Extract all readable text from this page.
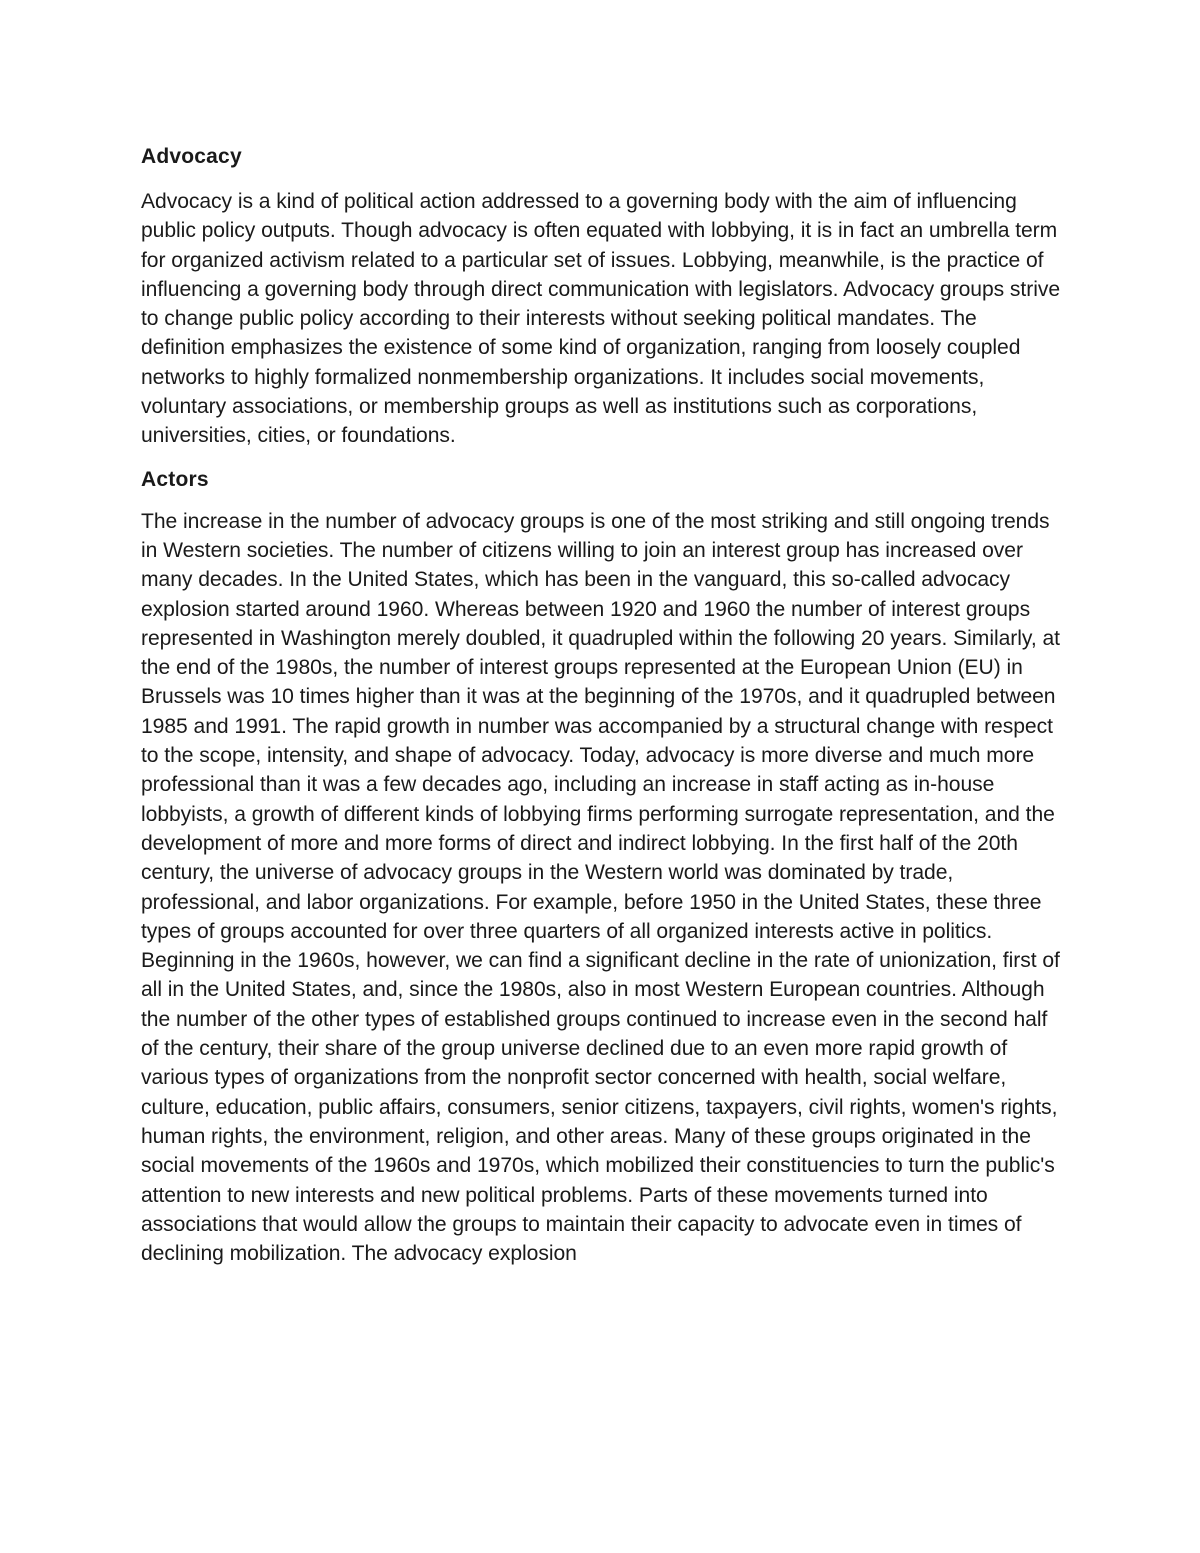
Advocacy

Advocacy is a kind of political action addressed to a governing body with the aim of influencing public policy outputs. Though advocacy is often equated with lobbying, it is in fact an umbrella term for organized activism related to a particular set of issues. Lobbying, meanwhile, is the practice of influencing a governing body through direct communication with legislators. Advocacy groups strive to change public policy according to their interests without seeking political mandates. The definition emphasizes the existence of some kind of organization, ranging from loosely coupled networks to highly formalized nonmembership organizations. It includes social movements, voluntary associations, or membership groups as well as institutions such as corporations, universities, cities, or foundations.

Actors

The increase in the number of advocacy groups is one of the most striking and still ongoing trends in Western societies. The number of citizens willing to join an interest group has increased over many decades. In the United States, which has been in the vanguard, this so-called advocacy explosion started around 1960. Whereas between 1920 and 1960 the number of interest groups represented in Washington merely doubled, it quadrupled within the following 20 years. Similarly, at the end of the 1980s, the number of interest groups represented at the European Union (EU) in Brussels was 10 times higher than it was at the beginning of the 1970s, and it quadrupled between 1985 and 1991. The rapid growth in number was accompanied by a structural change with respect to the scope, intensity, and shape of advocacy. Today, advocacy is more diverse and much more professional than it was a few decades ago, including an increase in staff acting as in-house lobbyists, a growth of different kinds of lobbying firms performing surrogate representation, and the development of more and more forms of direct and indirect lobbying. In the first half of the 20th century, the universe of advocacy groups in the Western world was dominated by trade, professional, and labor organizations. For example, before 1950 in the United States, these three types of groups accounted for over three quarters of all organized interests active in politics. Beginning in the 1960s, however, we can find a significant decline in the rate of unionization, first of all in the United States, and, since the 1980s, also in most Western European countries. Although the number of the other types of established groups continued to increase even in the second half of the century, their share of the group universe declined due to an even more rapid growth of various types of organizations from the nonprofit sector concerned with health, social welfare, culture, education, public affairs, consumers, senior citizens, taxpayers, civil rights, women's rights, human rights, the environment, religion, and other areas. Many of these groups originated in the social movements of the 1960s and 1970s, which mobilized their constituencies to turn the public's attention to new interests and new political problems. Parts of these movements turned into associations that would allow the groups to maintain their capacity to advocate even in times of declining mobilization. The advocacy explosion
